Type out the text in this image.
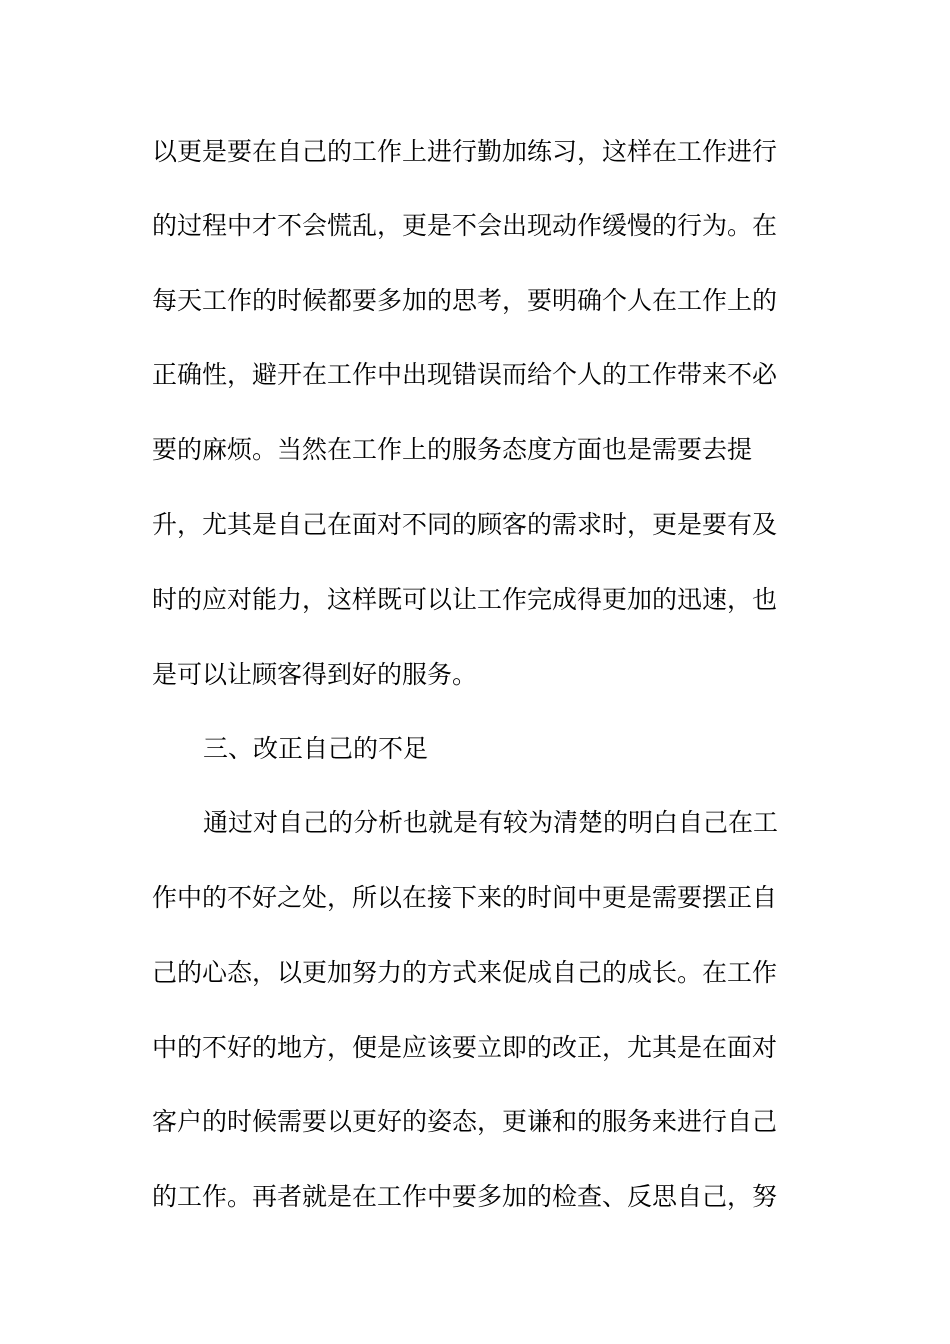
以更是要在自己的工作上进行勤加练习，这样在工作进行
的过程中才不会慌乱，更是不会出现动作缓慢的行为。在
每天工作的时候都要多加的思考，要明确个人在工作上的
正确性，避开在工作中出现错误而给个人的工作带来不必
要的麻烦。当然在工作上的服务态度方面也是需要去提
升，尤其是自己在面对不同的顾客的需求时，更是要有及
时的应对能力，这样既可以让工作完成得更加的迅速，也
是可以让顾客得到好的服务。
三、改正自己的不足
通过对自己的分析也就是有较为清楚的明白自己在工
作中的不好之处，所以在接下来的时间中更是需要摆正自
己的心态，以更加努力的方式来促成自己的成长。在工作
中的不好的地方，便是应该要立即的改正，尤其是在面对
客户的时候需要以更好的姿态，更谦和的服务来进行自己
的工作。再者就是在工作中要多加的检查、反思自己，努
